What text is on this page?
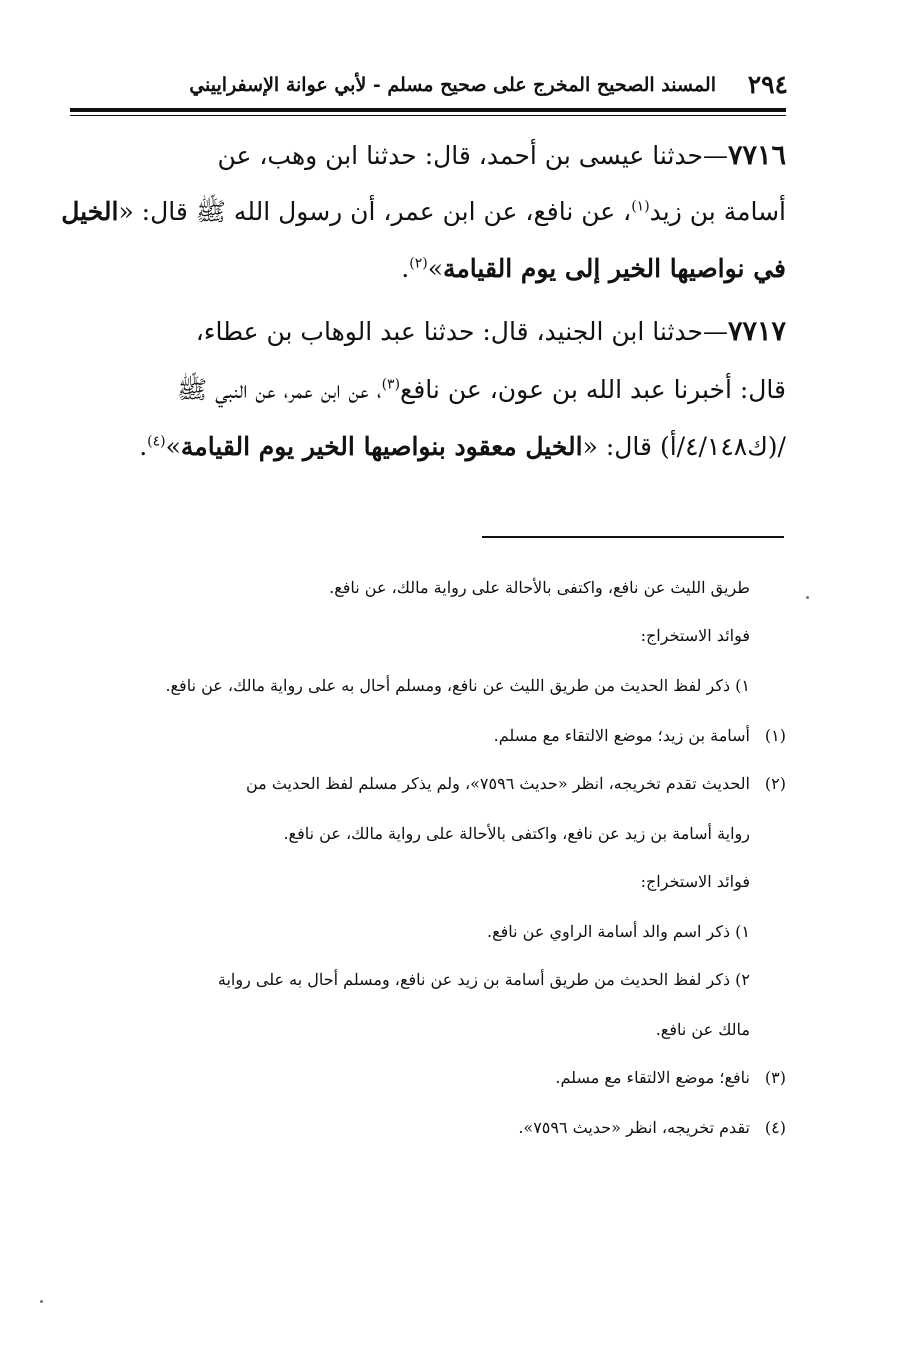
٢٩٤
المسند الصحيح المخرج على صحيح مسلم - لأبي عوانة الإسفراييني
٧٧١٦—حدثنا عيسى بن أحمد، قال: حدثنا ابن وهب، عن
أسامة بن زيد$^{(١)}$، عن نافع، عن ابن عمر، أن رسول الله ﷺ قال: «الخيل
في نواصيها الخير إلى يوم القيامة»$^{(٢)}$.
٧٧١٧—حدثنا ابن الجنيد، قال: حدثنا عبد الوهاب بن عطاء،
قال: أخبرنا عبد الله بن عون، عن نافع$^{(٣)}$، عن ابن عمر، عن النبي ﷺ
/(ك٤/١٤٨/أ) قال: «الخيل معقود بنواصيها الخير يوم القيامة»$^{(٤)}$.
طريق الليث عن نافع، واكتفى بالأحالة على رواية مالك، عن نافع.
فوائد الاستخراج:
١) ذكر لفظ الحديث من طريق الليث عن نافع، ومسلم أحال به على رواية مالك، عن نافع.
(١)أسامة بن زيد؛ موضع الالتقاء مع مسلم.
(٢)الحديث تقدم تخريجه، انظر «حديث ٧٥٩٦»، ولم يذكر مسلم لفظ الحديث من
رواية أسامة بن زيد عن نافع، واكتفى بالأحالة على رواية مالك، عن نافع.
فوائد الاستخراج:
١) ذكر اسم والد أسامة الراوي عن نافع.
٢) ذكر لفظ الحديث من طريق أسامة بن زيد عن نافع، ومسلم أحال به على رواية
مالك عن نافع.
(٣)نافع؛ موضع الالتقاء مع مسلم.
(٤)تقدم تخريجه، انظر «حديث ٧٥٩٦».
